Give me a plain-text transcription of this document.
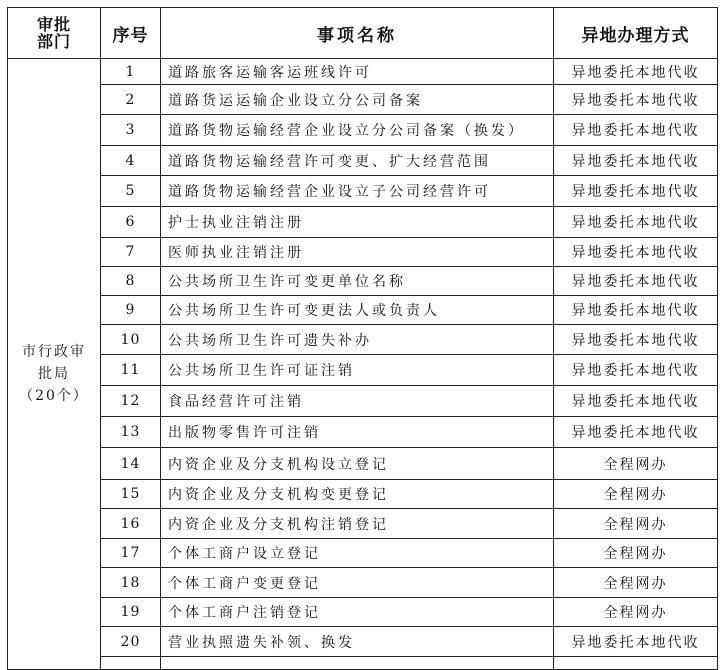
审批
部门	序号	事项名称	异地办理方式
市行政审
批局
（20个）	1	道路旅客运输客运班线许可	异地委托本地代收
	2	道路货运运输企业设立分公司备案	异地委托本地代收
	3	道路货物运输经营企业设立分公司备案（换发）	异地委托本地代收
	4	道路货物运输经营许可变更、扩大经营范围	异地委托本地代收
	5	道路货物运输经营企业设立子公司经营许可	异地委托本地代收
	6	护士执业注销注册	异地委托本地代收
	7	医师执业注销注册	异地委托本地代收
	8	公共场所卫生许可变更单位名称	异地委托本地代收
	9	公共场所卫生许可变更法人或负责人	异地委托本地代收
	10	公共场所卫生许可遗失补办	异地委托本地代收
	11	公共场所卫生许可证注销	异地委托本地代收
	12	食品经营许可注销	异地委托本地代收
	13	出版物零售许可注销	异地委托本地代收
	14	内资企业及分支机构设立登记	全程网办
	15	内资企业及分支机构变更登记	全程网办
	16	内资企业及分支机构注销登记	全程网办
	17	个体工商户设立登记	全程网办
	18	个体工商户变更登记	全程网办
	19	个体工商户注销登记	全程网办
	20	营业执照遗失补领、换发	异地委托本地代收
